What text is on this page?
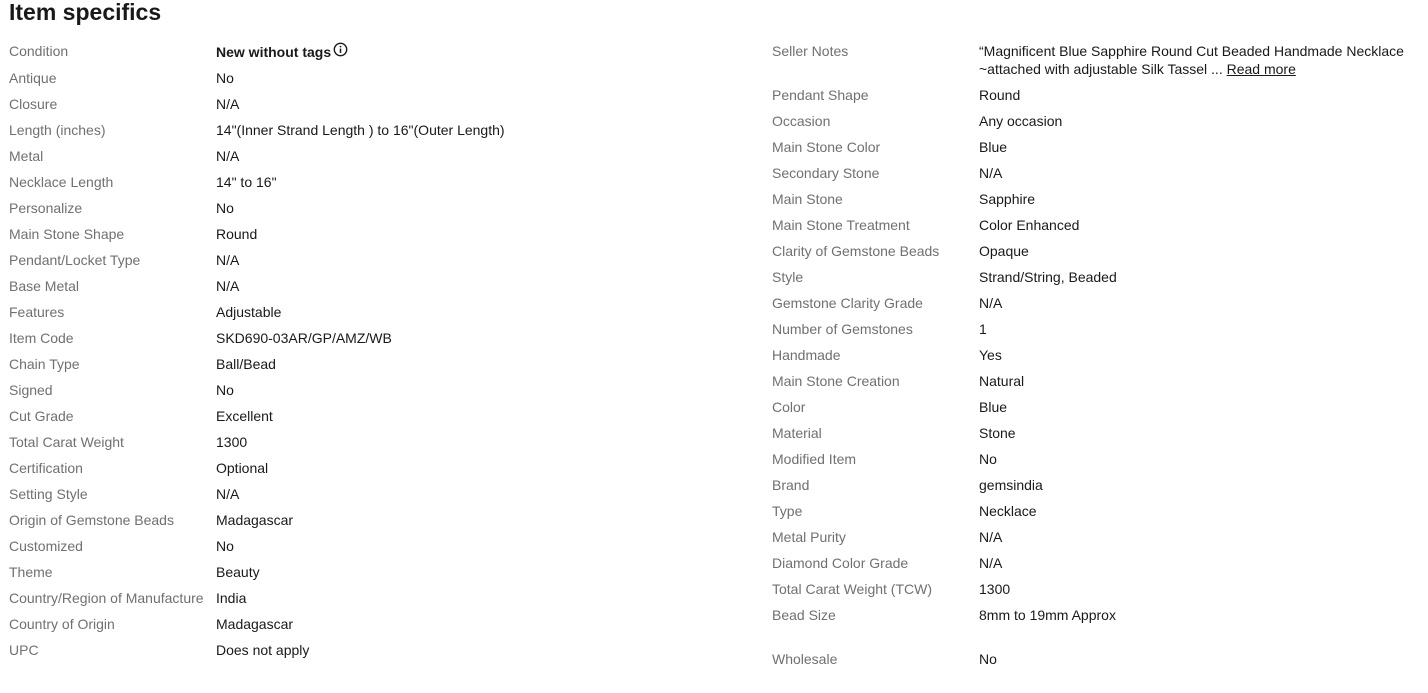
Item specifics
Condition	New without tags
Antique	No
Closure	N/A
Length (inches)	14"(Inner Strand Length ) to 16"(Outer Length)
Metal	N/A
Necklace Length	14" to 16"
Personalize	No
Main Stone Shape	Round
Pendant/Locket Type	N/A
Base Metal	N/A
Features	Adjustable
Item Code	SKD690-03AR/GP/AMZ/WB
Chain Type	Ball/Bead
Signed	No
Cut Grade	Excellent
Total Carat Weight	1300
Certification	Optional
Setting Style	N/A
Origin of Gemstone Beads	Madagascar
Customized	No
Theme	Beauty
Country/Region of Manufacture India
Country of Origin	Madagascar
UPC	Does not apply
Seller Notes	“Magnificent Blue Sapphire Round Cut Beaded Handmade Necklace ~attached with adjustable Silk Tassel ... Read more
Pendant Shape	Round
Occasion	Any occasion
Main Stone Color	Blue
Secondary Stone	N/A
Main Stone	Sapphire
Main Stone Treatment	Color Enhanced
Clarity of Gemstone Beads	Opaque
Style	Strand/String, Beaded
Gemstone Clarity Grade	N/A
Number of Gemstones	1
Handmade	Yes
Main Stone Creation	Natural
Color	Blue
Material	Stone
Modified Item	No
Brand	gemsindia
Type	Necklace
Metal Purity	N/A
Diamond Color Grade	N/A
Total Carat Weight (TCW)	1300
Bead Size	8mm to 19mm Approx
Wholesale	No
